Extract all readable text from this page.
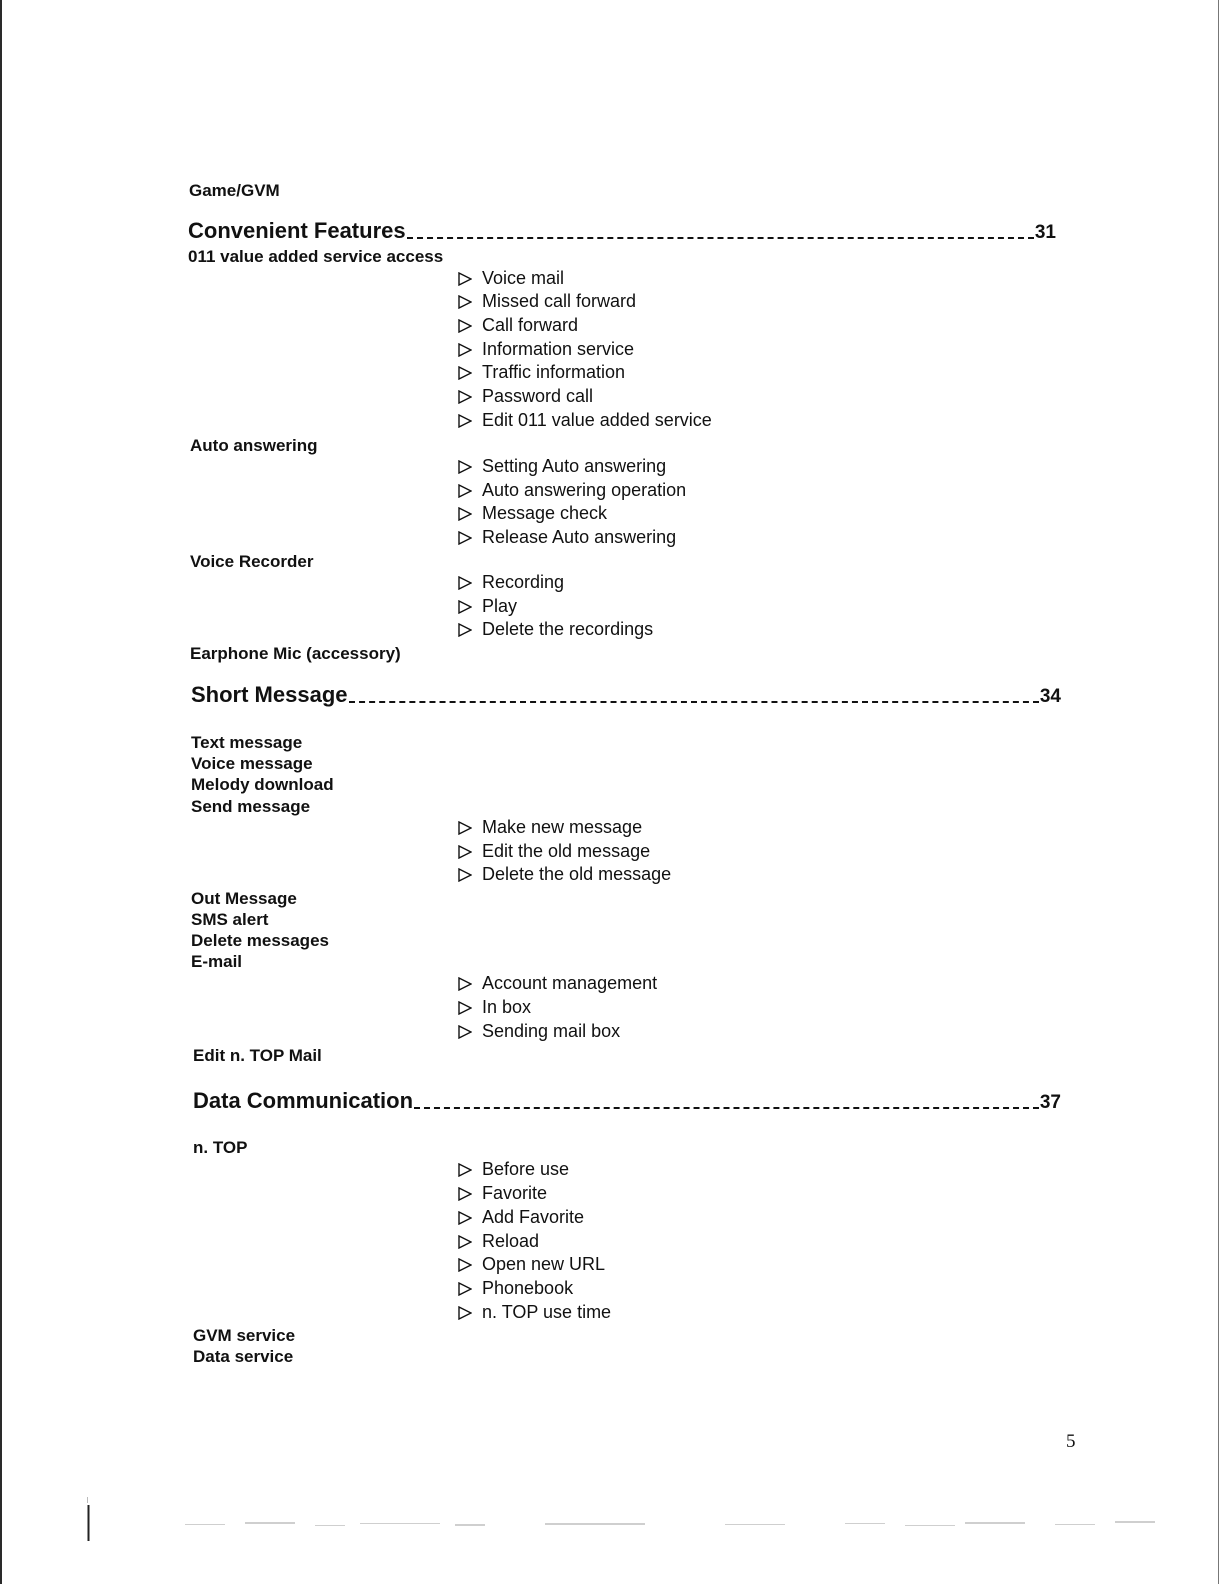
Game/GVM
Convenient Features	31
011 value added service access
Voice mail
Missed call forward
Call forward
Information service
Traffic information
Password call
Edit 011 value added service
Auto answering
Setting Auto answering
Auto answering operation
Message check
Release Auto answering
Voice Recorder
Recording
Play
Delete the recordings
Earphone Mic (accessory)
Short Message	34
Text message
Voice message
Melody download
Send message
Make new message
Edit the old message
Delete the old message
Out Message
SMS alert
Delete messages
E-mail
Account management
In box
Sending mail box
Edit n. TOP Mail
Data Communication	37
n. TOP
Before use
Favorite
Add Favorite
Reload
Open new URL
Phonebook
n. TOP use time
GVM service
Data service
5
